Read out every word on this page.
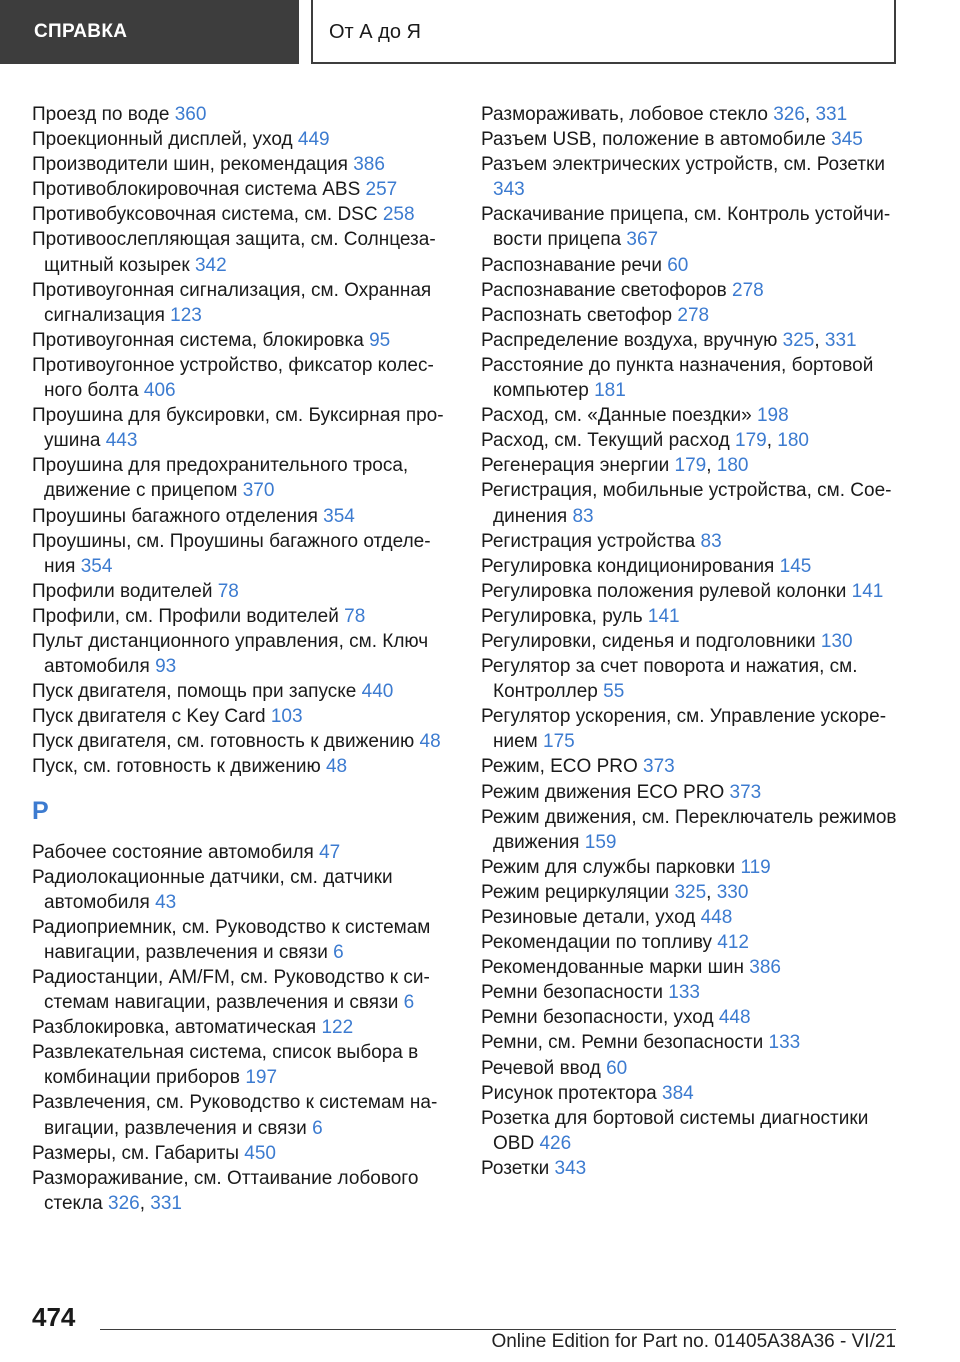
СПРАВКА	От А до Я
Проезд по воде 360
Проекционный дисплей, уход 449
Производители шин, рекомендация 386
Противоблокировочная система ABS 257
Противобуксовочная система, см. DSC 258
Противоослепляющая защита, см. Солнцезащитный козырек 342
Противоугонная сигнализация, см. Охранная сигнализация 123
Противоугонная система, блокировка 95
Противоугонное устройство, фиксатор колесного болта 406
Проушина для буксировки, см. Буксирная проушина 443
Проушина для предохранительного троса, движение с прицепом 370
Проушины багажного отделения 354
Проушины, см. Проушины багажного отделения 354
Профили водителей 78
Профили, см. Профили водителей 78
Пульт дистанционного управления, см. Ключ автомобиля 93
Пуск двигателя, помощь при запуске 440
Пуск двигателя с Key Card 103
Пуск двигателя, см. готовность к движению 48
Пуск, см. готовность к движению 48
Р
Рабочее состояние автомобиля 47
Радиолокационные датчики, см. датчики автомобиля 43
Радиоприемник, см. Руководство к системам навигации, развлечения и связи 6
Радиостанции, AM/FM, см. Руководство к системам навигации, развлечения и связи 6
Разблокировка, автоматическая 122
Развлекательная система, список выбора в комбинации приборов 197
Развлечения, см. Руководство к системам навигации, развлечения и связи 6
Размеры, см. Габариты 450
Размораживание, см. Оттаивание лобового стекла 326, 331
Размораживать, лобовое стекло 326, 331
Разъем USB, положение в автомобиле 345
Разъем электрических устройств, см. Розетки 343
Раскачивание прицепа, см. Контроль устойчивости прицепа 367
Распознавание речи 60
Распознавание светофоров 278
Распознать светофор 278
Распределение воздуха, вручную 325, 331
Расстояние до пункта назначения, бортовой компьютер 181
Расход, см. «Данные поездки» 198
Расход, см. Текущий расход 179, 180
Регенерация энергии 179, 180
Регистрация, мобильные устройства, см. Соединения 83
Регистрация устройства 83
Регулировка кондиционирования 145
Регулировка положения рулевой колонки 141
Регулировка, руль 141
Регулировки, сиденья и подголовники 130
Регулятор за счет поворота и нажатия, см. Контроллер 55
Регулятор ускорения, см. Управление ускорением 175
Режим, ECO PRO 373
Режим движения ECO PRO 373
Режим движения, см. Переключатель режимов движения 159
Режим для службы парковки 119
Режим рециркуляции 325, 330
Резиновые детали, уход 448
Рекомендации по топливу 412
Рекомендованные марки шин 386
Ремни безопасности 133
Ремни безопасности, уход 448
Ремни, см. Ремни безопасности 133
Речевой ввод 60
Рисунок протектора 384
Розетка для бортовой системы диагностики OBD 426
Розетки 343
474
Online Edition for Part no. 01405A38A36 - VI/21
